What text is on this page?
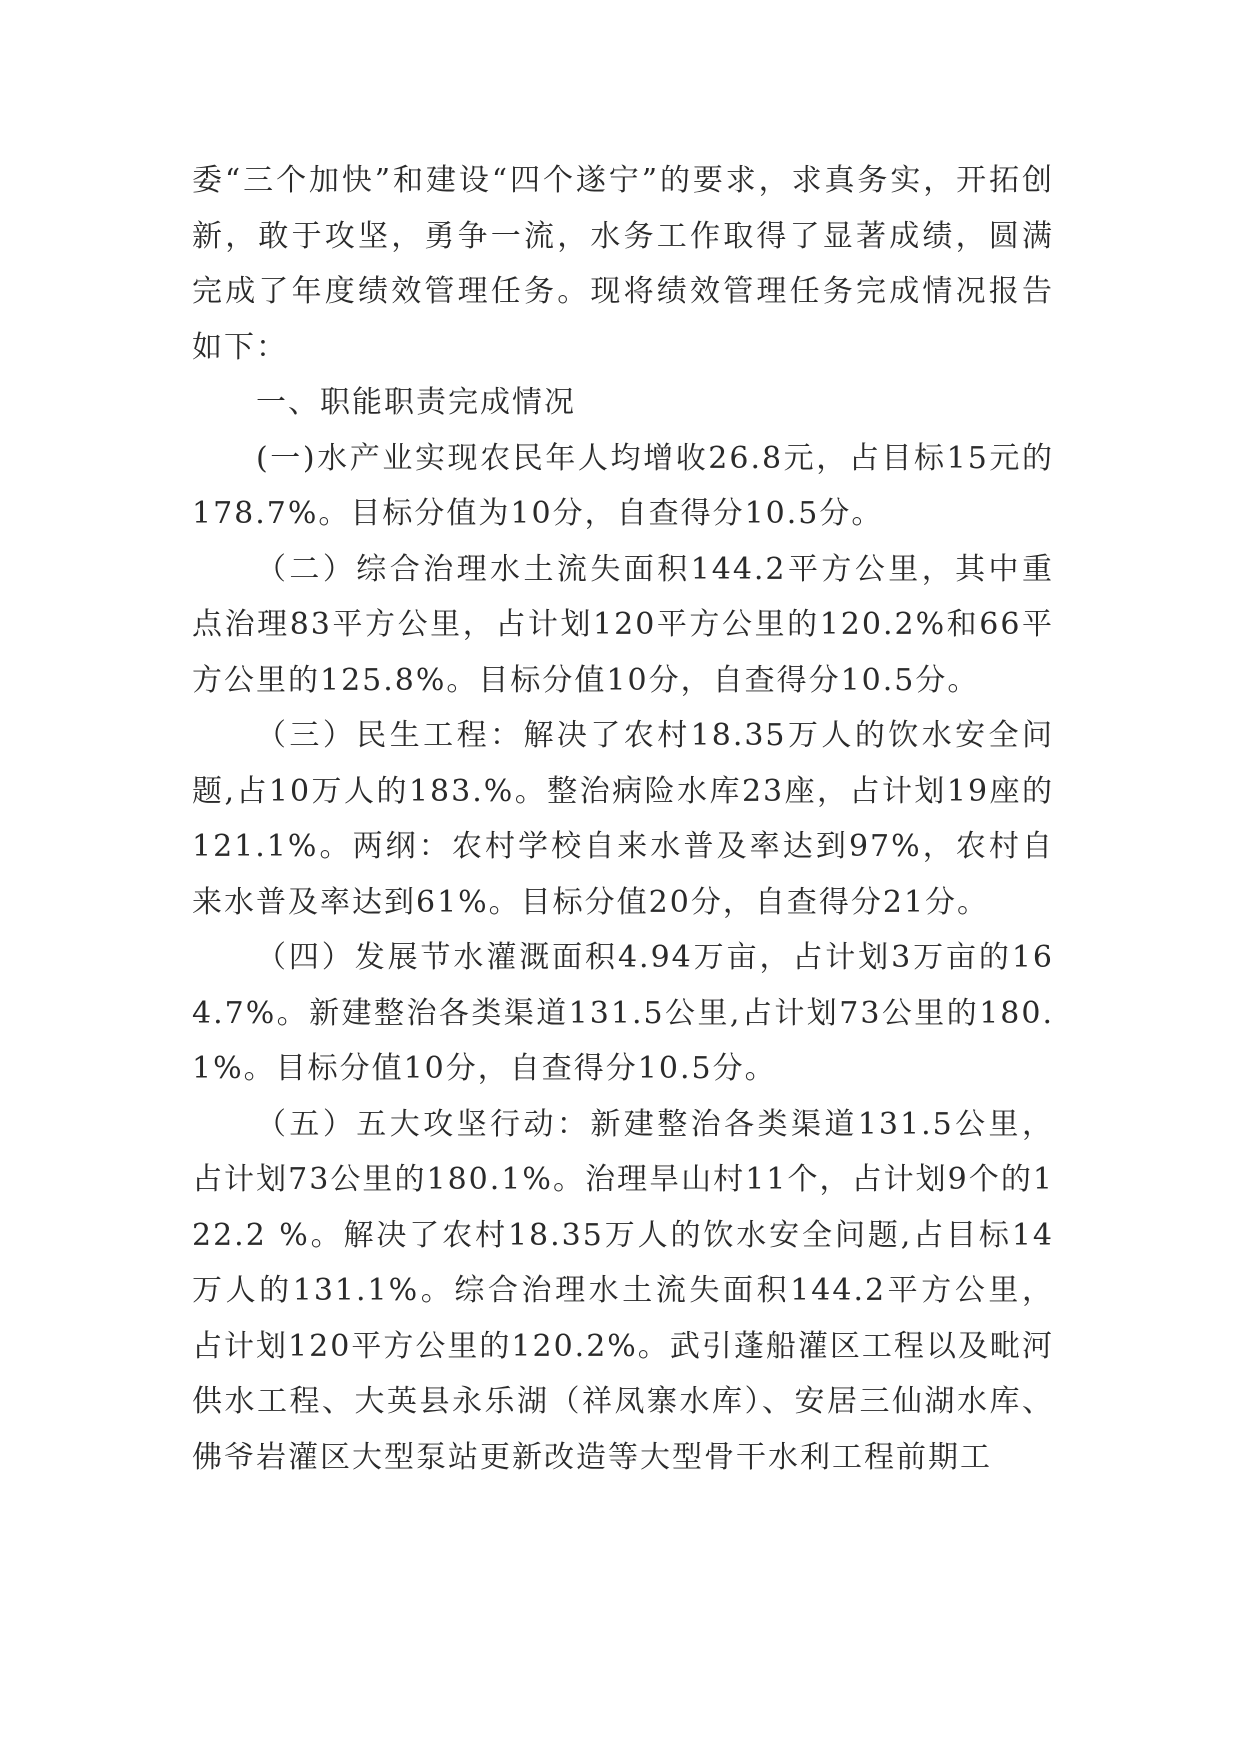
委“三个加快”和建设“四个遂宁”的要求，求真务实，开拓创新，敢于攻坚，勇争一流，水务工作取得了显著成绩，圆满完成了年度绩效管理任务。现将绩效管理任务完成情况报告如下：

一、职能职责完成情况

(一)水产业实现农民年人均增收26.8元，占目标15元的178.7%。目标分值为10分，自查得分10.5分。

（二）综合治理水土流失面积144.2平方公里，其中重点治理83平方公里，占计划120平方公里的120.2%和66平方公里的125.8%。目标分值10分，自查得分10.5分。

（三）民生工程：解决了农村18.35万人的饮水安全问题,占10万人的183.%。整治病险水库23座，占计划19座的121.1%。两纲：农村学校自来水普及率达到97%，农村自来水普及率达到61%。目标分值20分，自查得分21分。

（四）发展节水灌溉面积4.94万亩，占计划3万亩的164.7%。新建整治各类渠道131.5公里,占计划73公里的180.1%。目标分值10分，自查得分10.5分。

（五）五大攻坚行动：新建整治各类渠道131.5公里，占计划73公里的180.1%。治理旱山村11个，占计划9个的122.2 %。解决了农村18.35万人的饮水安全问题,占目标14万人的131.1%。综合治理水土流失面积144.2平方公里，占计划120平方公里的120.2%。武引蓬船灌区工程以及毗河供水工程、大英县永乐湖（祥凤寨水库）、安居三仙湖水库、佛爷岩灌区大型泵站更新改造等大型骨干水利工程前期工
